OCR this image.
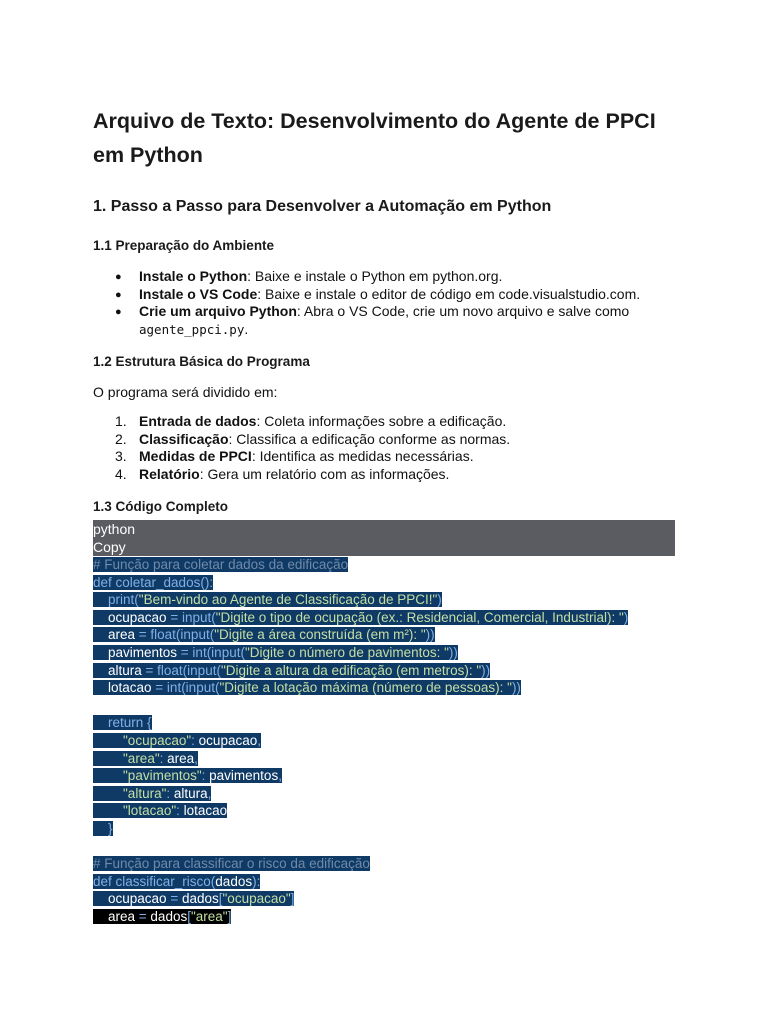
Arquivo de Texto: Desenvolvimento do Agente de PPCI em Python
1. Passo a Passo para Desenvolver a Automação em Python
1.1 Preparação do Ambiente
● Instale o Python: Baixe e instale o Python em python.org.
● Instale o VS Code: Baixe e instale o editor de código em code.visualstudio.com.
● Crie um arquivo Python: Abra o VS Code, crie um novo arquivo e salve como
agente_ppci.py.
1.2 Estrutura Básica do Programa

O programa será dividido em:

1. Entrada de dados: Coleta informações sobre a edificação.
2. Classificação: Classifica a edificação conforme as normas.
3. Medidas de PPCI: Identifica as medidas necessárias.
4. Relatório: Gera um relatório com as informações.
1.3 Código Completo
python
Copy
# Função para coletar dados da edificação
def coletar_dados():
print("Bem-vindo ao Agente de Classificação de PPCI!")
ocupacao = input("Digite o tipo de ocupação (ex.: Residencial, Comercial, Industrial): ")
area = float(input("Digite a área construída (em m²): "))
pavimentos = int(input("Digite o número de pavimentos: "))
altura = float(input("Digite a altura da edificação (em metros): "))
lotacao = int(input("Digite a lotação máxima (número de pessoas): "))
return {
"ocupacao": ocupacao,
"area": area,
"pavimentos": pavimentos,
"altura": altura,
"lotacao": lotacao
}
# Função para classificar o risco da edificação
def classificar_risco(dados):
ocupacao = dados["ocupacao"]
area = dados["area"]
